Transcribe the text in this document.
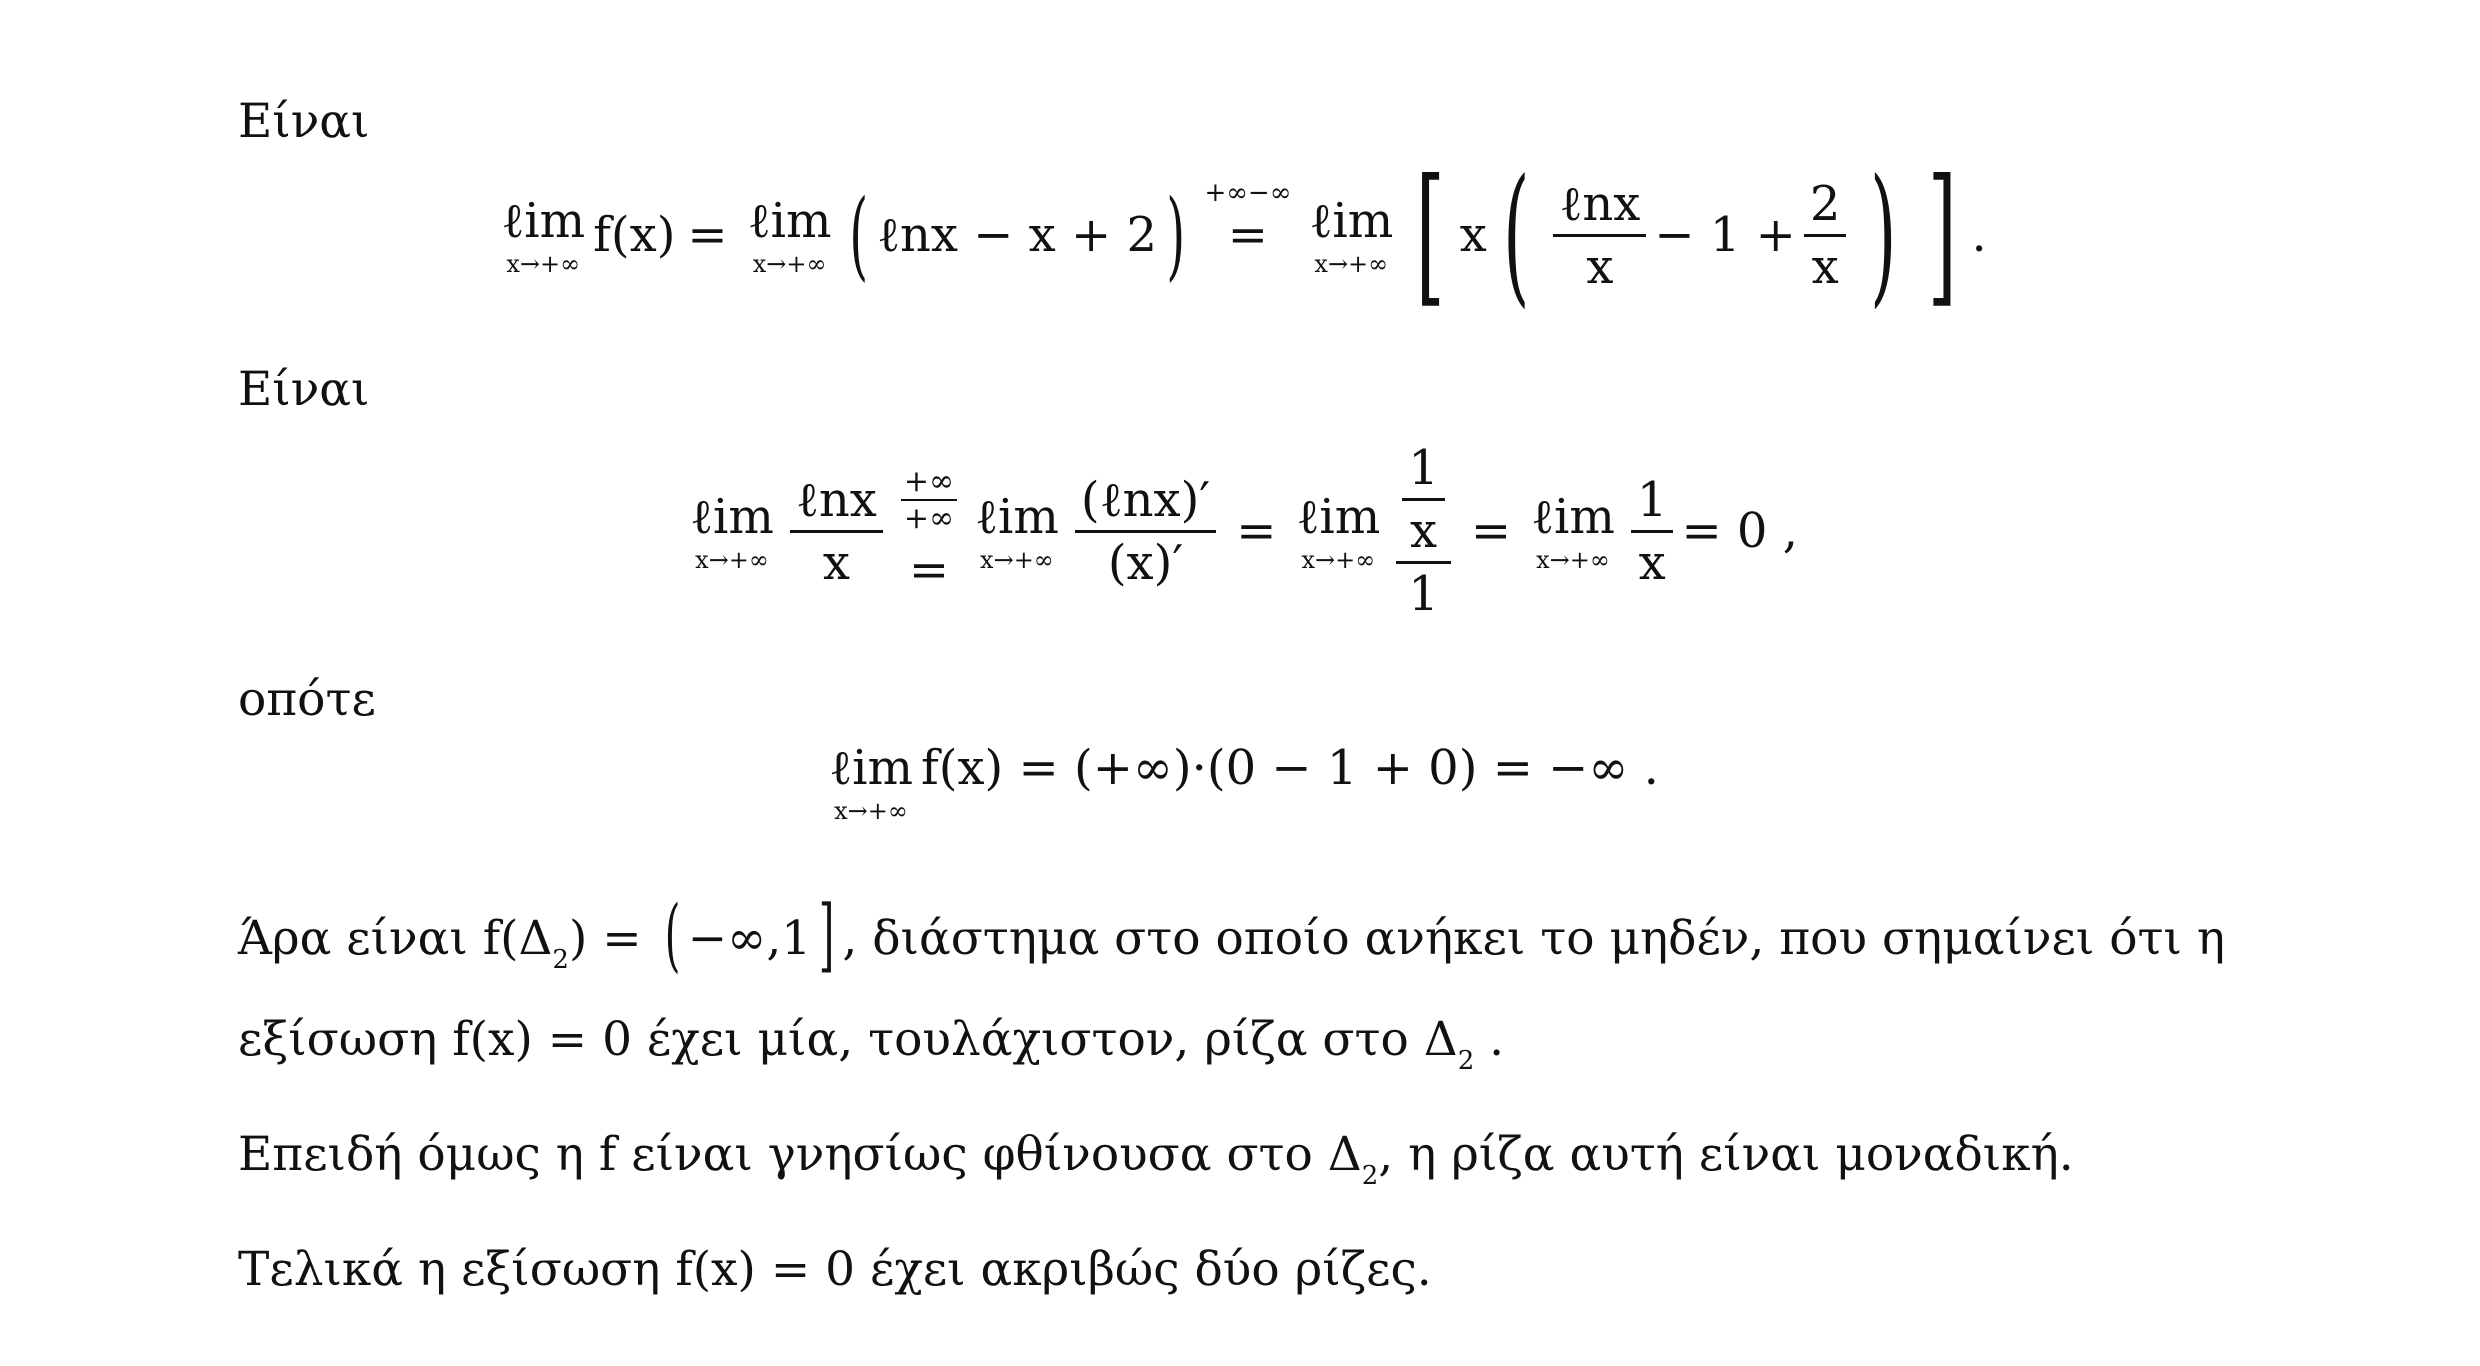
Είναι
ℓim
x→+∞
f(x) = ℓim
x→+∞ ( ℓnx − x + 2 ) +∞−∞
=
ℓim
x→+∞ [ x ( $\frac{\text{ℓnx}}{x} - 1 + \frac{2}{x}$ ) ] .
Είναι
ℓim
$x\to+\infty \frac{\text{ℓnx}}{x} \frac{+\infty}{+\infty}$
=
ℓim
$x\to+\infty \frac{\text{(ℓnx)′}}{(x)'}$ = ℓim
$x\to+\infty \frac{\frac{1}{x}}{1}$ = ℓim
$x\to+\infty \frac{1}{x} = 0$ ,
οπότε
ℓim
x→+∞
f(x) = (+∞)·(0 − 1 + 0) = −∞ .
Άρα είναι $f(\Delta_2)$ = ( −∞,1] , διάστημα στο οποίο ανήκει το μηδέν, που σημαίνει ότι η
εξίσωση f(x) = 0 έχει μία, τουλάχιστον, ρίζα στο $\Delta_2$ .
Επειδή όμως η f είναι γνησίως φθίνουσα στο $\Delta_2$, η ρίζα αυτή είναι μοναδική.
Τελικά η εξίσωση f(x) = 0 έχει ακριβώς δύο ρίζες.
